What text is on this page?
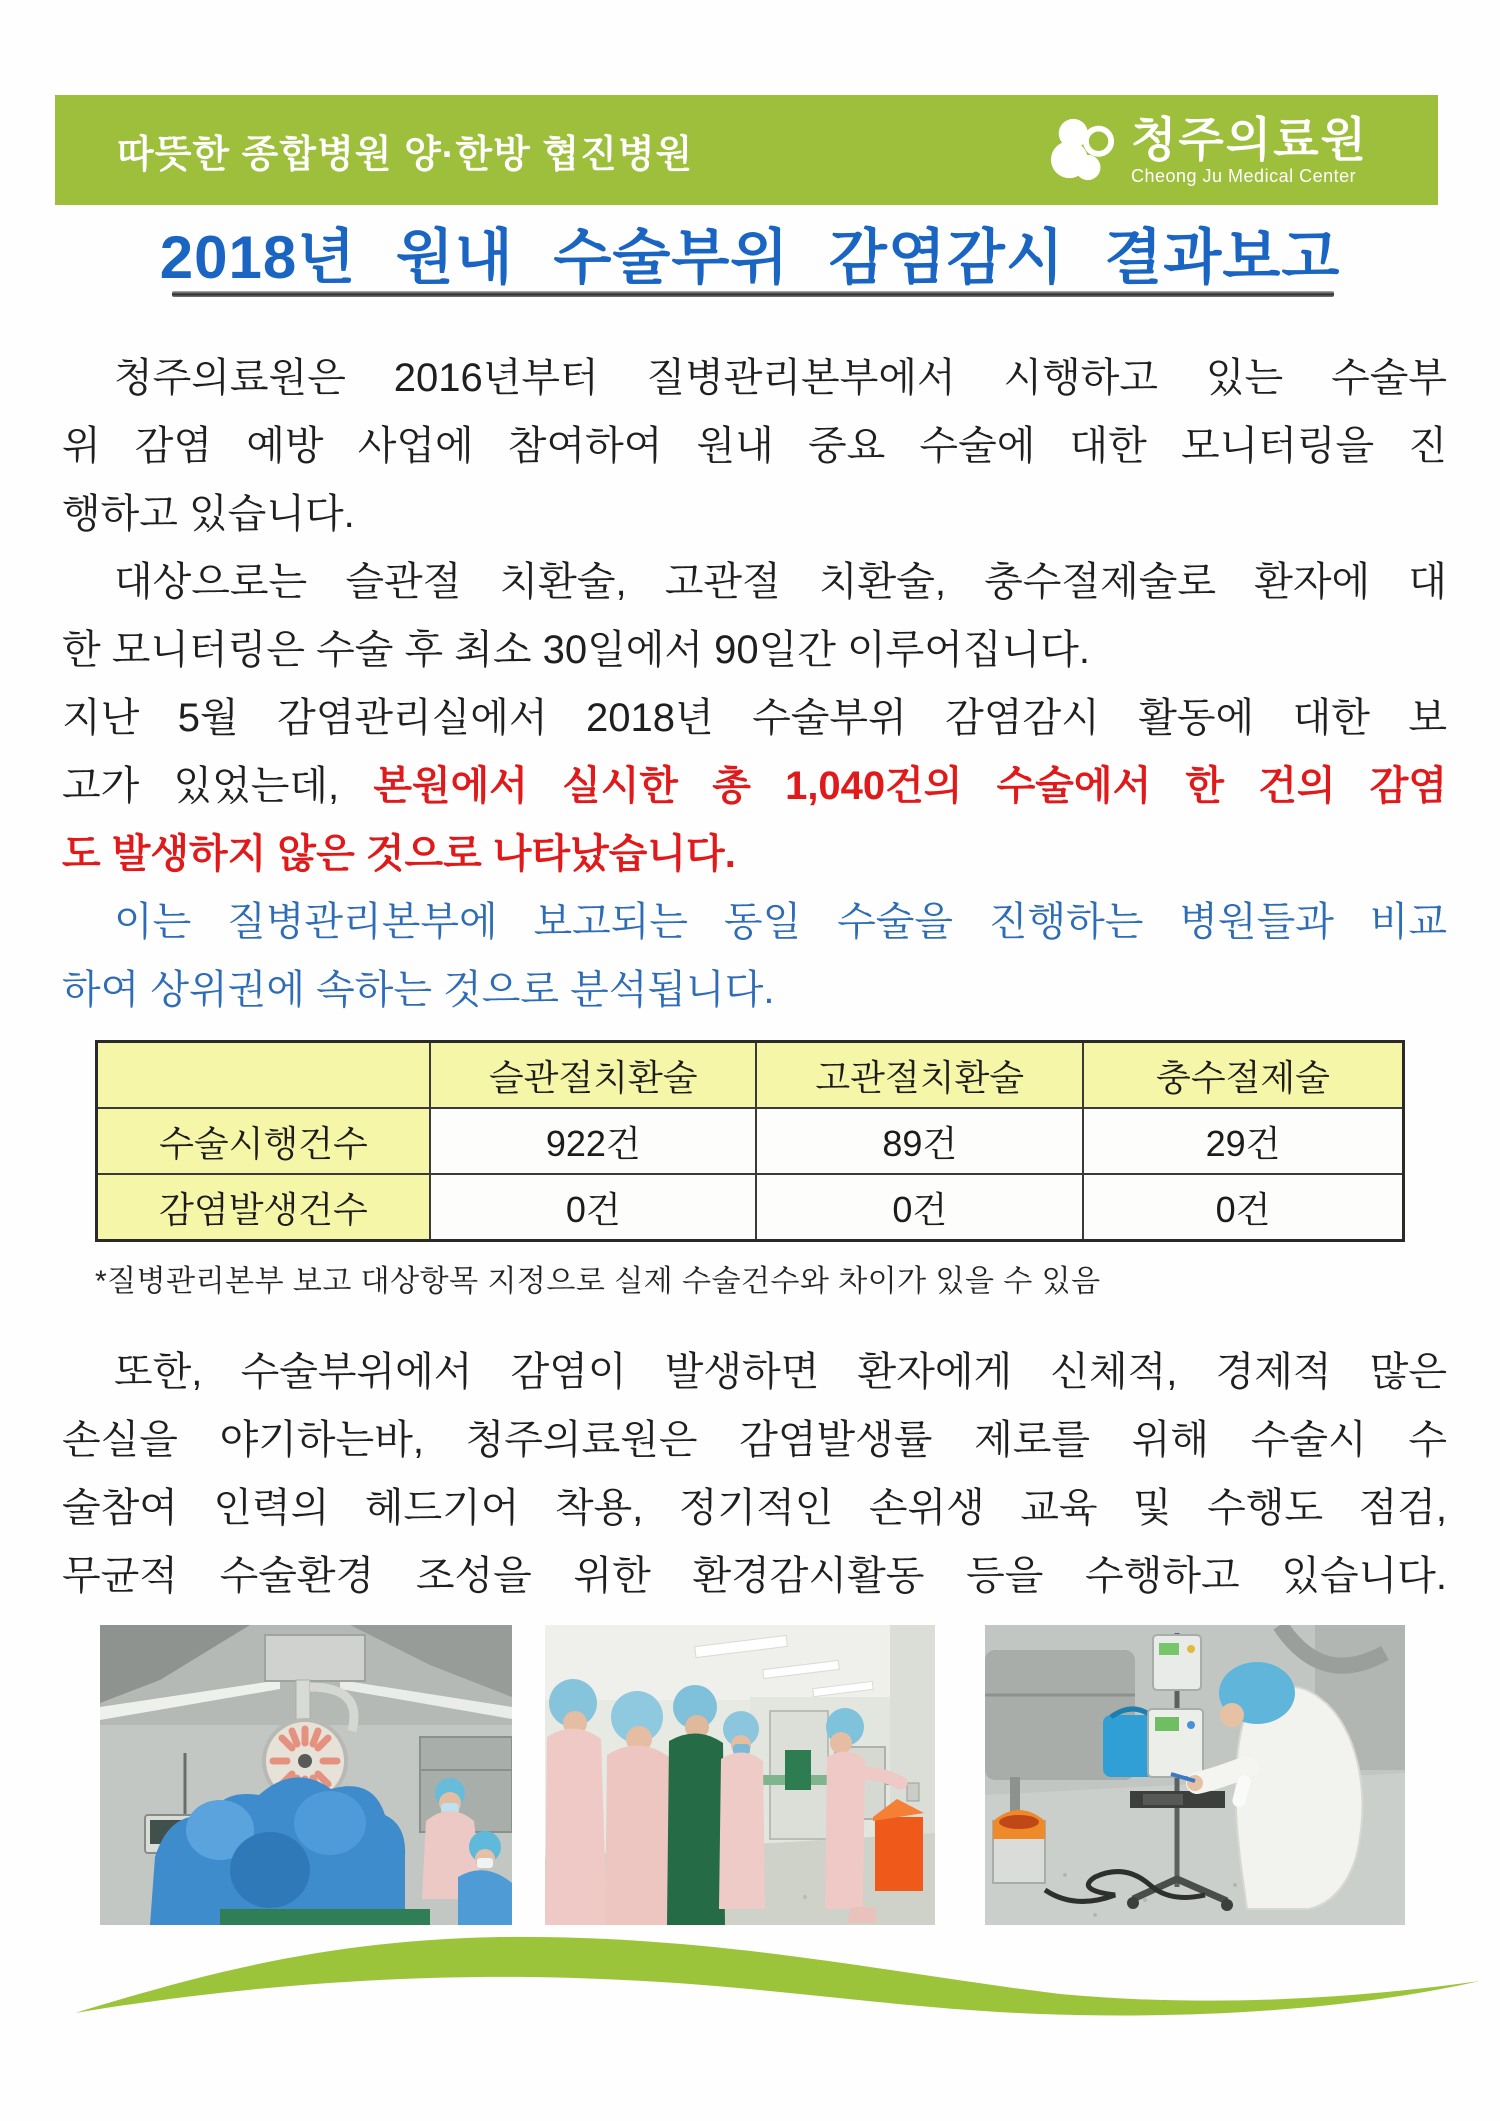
따뜻한 종합병원 양·한방 협진병원	청주의료원
Cheong Ju Medical Center
2018년 원내 수술부위 감염감시 결과보고
청주의료원은 2016년부터 질병관리본부에서 시행하고 있는 수술부
위 감염 예방 사업에 참여하여 원내 중요 수술에 대한 모니터링을 진
행하고 있습니다.
대상으로는 슬관절 치환술, 고관절 치환술, 충수절제술로 환자에 대
한 모니터링은 수술 후 최소 30일에서 90일간 이루어집니다.
지난 5월 감염관리실에서 2018년 수술부위 감염감시 활동에 대한 보
고가 있었는데, 본원에서 실시한 총 1,040건의 수술에서 한 건의 감염
도 발생하지 않은 것으로 나타났습니다.
이는 질병관리본부에 보고되는 동일 수술을 진행하는 병원들과 비교
하여 상위권에 속하는 것으로 분석됩니다.
	슬관절치환술	고관절치환술	충수절제술
수술시행건수	922건	89건	29건
감염발생건수	0건	0건	0건
*질병관리본부 보고 대상항목 지정으로 실제 수술건수와 차이가 있을 수 있음
또한, 수술부위에서 감염이 발생하면 환자에게 신체적, 경제적 많은
손실을 야기하는바, 청주의료원은 감염발생률 제로를 위해 수술시 수
술참여 인력의 헤드기어 착용, 정기적인 손위생 교육 및 수행도 점검,
무균적 수술환경 조성을 위한 환경감시활동 등을 수행하고 있습니다.
